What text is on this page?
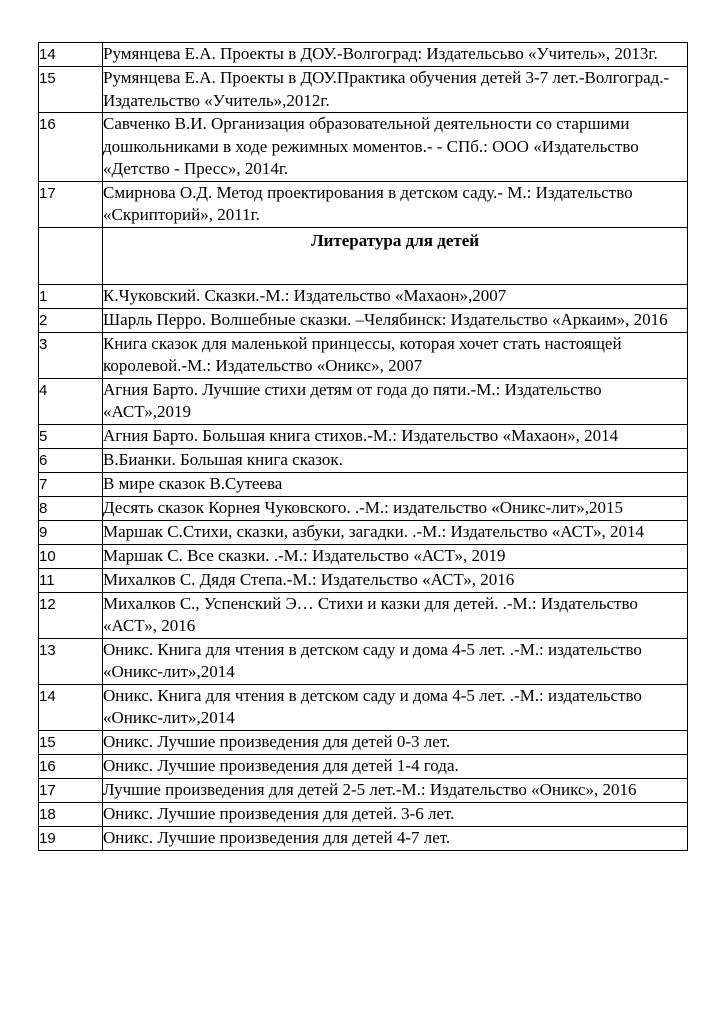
14	Румянцева Е.А. Проекты в ДОУ.-Волгоград: Издательсьво «Учитель», 2013г.
15	Румянцева Е.А. Проекты в ДОУ.Практика обучения детей 3-7 лет.-Волгоград.-Издательство «Учитель»,2012г.
16	Савченко В.И. Организация образовательной деятельности со старшими дошкольниками в ходе режимных моментов.- - СПб.: ООО «Издательство «Детство - Пресс», 2014г.
17	Смирнова О.Д. Метод проектирования в детском саду.- М.: Издательство «Скрипторий», 2011г.
	Литература для детей
1	К.Чуковский. Сказки.-М.: Издательство «Махаон»,2007
2	Шарль Перро. Волшебные сказки. –Челябинск: Издательство «Аркаим», 2016
3	Книга сказок для маленькой принцессы, которая хочет стать настоящей королевой.-М.: Издательство «Оникс», 2007
4	Агния Барто. Лучшие стихи детям от года до пяти.-М.: Издательство «АСТ»,2019
5	Агния Барто. Большая книга стихов.-М.: Издательство «Махаон», 2014
6	В.Бианки. Большая книга сказок.
7	В мире сказок В.Сутеева
8	Десять сказок Корнея Чуковского. .-М.: издательство «Оникс-лит»,2015
9	Маршак С.Стихи, сказки, азбуки, загадки. .-М.: Издательство «АСТ», 2014
10	Маршак С. Все сказки. .-М.: Издательство «АСТ», 2019
11	Михалков С. Дядя Степа.-М.: Издательство «АСТ», 2016
12	Михалков С., Успенский Э… Стихи и казки для детей. .-М.: Издательство «АСТ», 2016
13	Оникс. Книга для чтения в детском саду и дома 4-5 лет. .-М.: издательство «Оникс-лит»,2014
14	Оникс. Книга для чтения в детском саду и дома 4-5 лет. .-М.: издательство «Оникс-лит»,2014
15	Оникс. Лучшие произведения для детей 0-3 лет.
16	Оникс. Лучшие произведения для детей 1-4 года.
17	Лучшие произведения для детей 2-5 лет.-М.: Издательство «Оникс», 2016
18	Оникс. Лучшие произведения для детей. 3-6 лет.
19	Оникс. Лучшие произведения для детей 4-7 лет.
